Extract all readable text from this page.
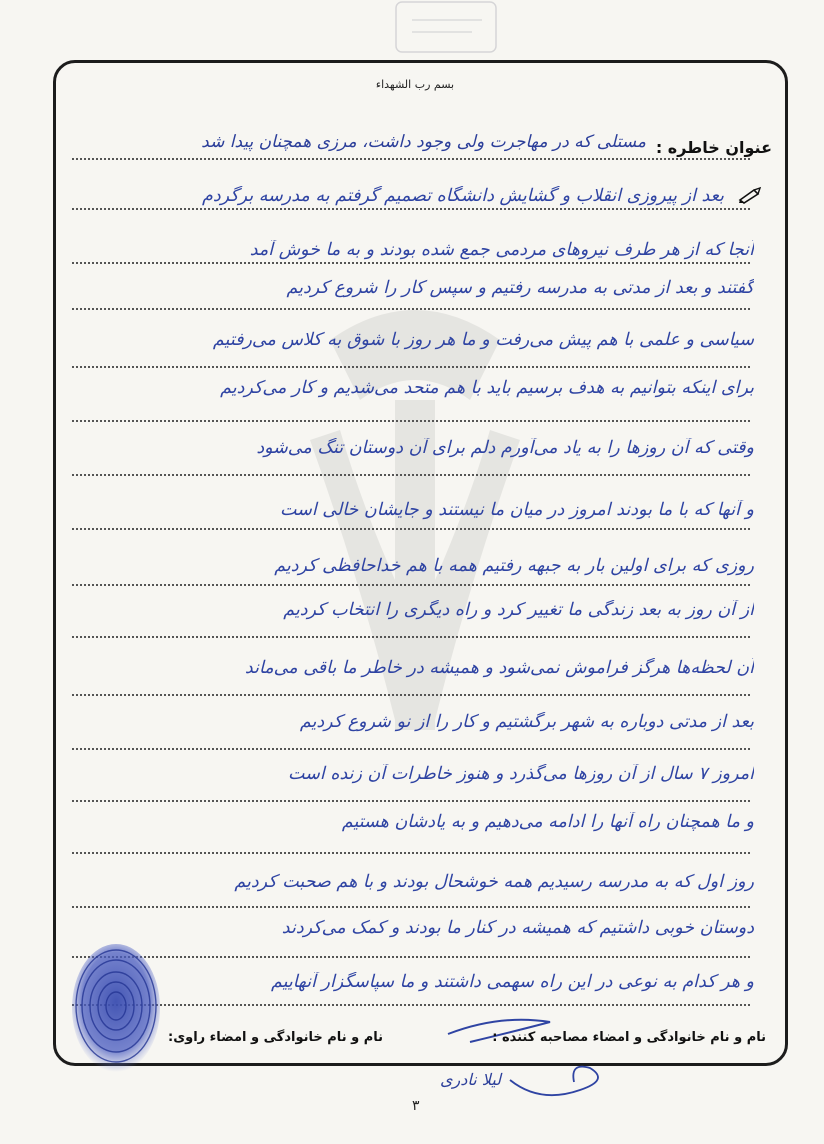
بسم رب الشهداء
عنوان خاطره :
مستلی که در مهاجرت ولی وجود داشت، مرزی همچنان پیدا شد
بعد از پیروزی انقلاب و گشایش دانشگاه تصمیم گرفتم به مدرسه برگردم
آنجا که از هر طرف نیروهای مردمی جمع شده بودند و به ما خوش آمد
گفتند و بعد از مدتی به مدرسه رفتیم و سپس کار را شروع کردیم
سیاسی و علمی با هم پیش می‌رفت و ما هر روز با شوق به کلاس می‌رفتیم
برای اینکه بتوانیم به هدف برسیم باید با هم متحد می‌شدیم و کار می‌کردیم
وقتی که آن روزها را به یاد می‌آورم دلم برای آن دوستان تنگ می‌شود
و آنها که با ما بودند امروز در میان ما نیستند و جایشان خالی است
روزی که برای اولین بار به جبهه رفتیم همه با هم خداحافظی کردیم
از آن روز به بعد زندگی ما تغییر کرد و راه دیگری را انتخاب کردیم
آن لحظه‌ها هرگز فراموش نمی‌شود و همیشه در خاطر ما باقی می‌ماند
بعد از مدتی دوباره به شهر برگشتیم و کار را از نو شروع کردیم
امروز ۷ سال از آن روزها می‌گذرد و هنوز خاطرات آن زنده است
و ما همچنان راه آنها را ادامه می‌دهیم و به یادشان هستیم
روز اول که به مدرسه رسیدیم همه خوشحال بودند و با هم صحبت کردیم
دوستان خوبی داشتیم که همیشه در کنار ما بودند و کمک می‌کردند
و هر کدام به نوعی در این راه سهمی داشتند و ما سپاسگزار آنهاییم
نام و نام خانوادگی و امضاء مصاحبه کننده :
نام و نام خانوادگی و امضاء راوی:
لیلا نادری
۳
